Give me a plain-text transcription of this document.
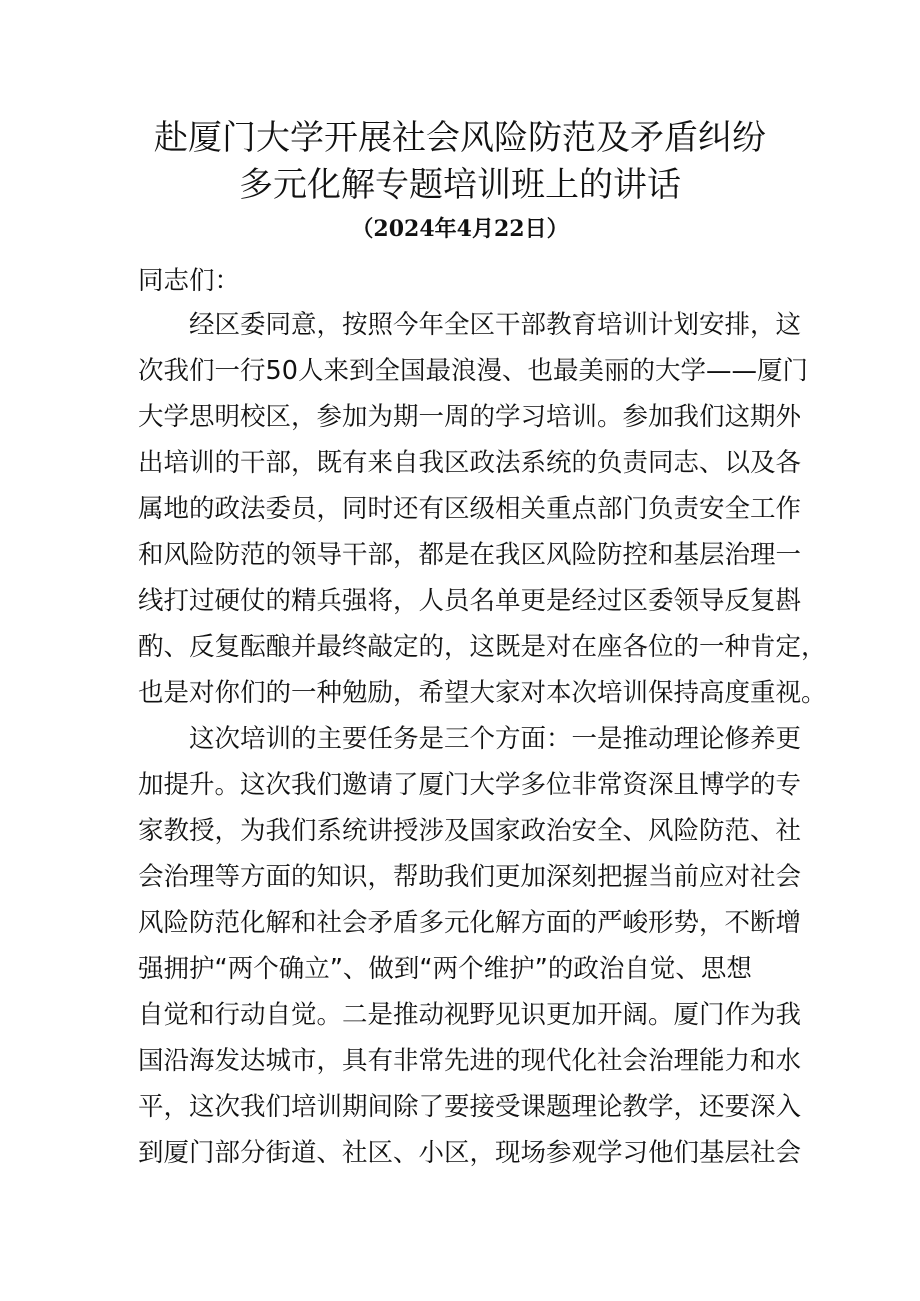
赴厦门大学开展社会风险防范及矛盾纠纷
多元化解专题培训班上的讲话
（2024年4月22日）
同志们：
经区委同意，按照今年全区干部教育培训计划安排，这
次我们一行50人来到全国最浪漫、也最美丽的大学——厦门
大学思明校区，参加为期一周的学习培训。参加我们这期外
出培训的干部，既有来自我区政法系统的负责同志、以及各
属地的政法委员，同时还有区级相关重点部门负责安全工作
和风险防范的领导干部，都是在我区风险防控和基层治理一
线打过硬仗的精兵强将，人员名单更是经过区委领导反复斟
酌、反复酝酿并最终敲定的，这既是对在座各位的一种肯定，
也是对你们的一种勉励，希望大家对本次培训保持高度重视。
这次培训的主要任务是三个方面：一是推动理论修养更
加提升。这次我们邀请了厦门大学多位非常资深且博学的专
家教授，为我们系统讲授涉及国家政治安全、风险防范、社
会治理等方面的知识，帮助我们更加深刻把握当前应对社会
风险防范化解和社会矛盾多元化解方面的严峻形势，不断增
强拥护“两个确立”、做到“两个维护”的政治自觉、思想
自觉和行动自觉。二是推动视野见识更加开阔。厦门作为我
国沿海发达城市，具有非常先进的现代化社会治理能力和水
平，这次我们培训期间除了要接受课题理论教学，还要深入
到厦门部分街道、社区、小区，现场参观学习他们基层社会
